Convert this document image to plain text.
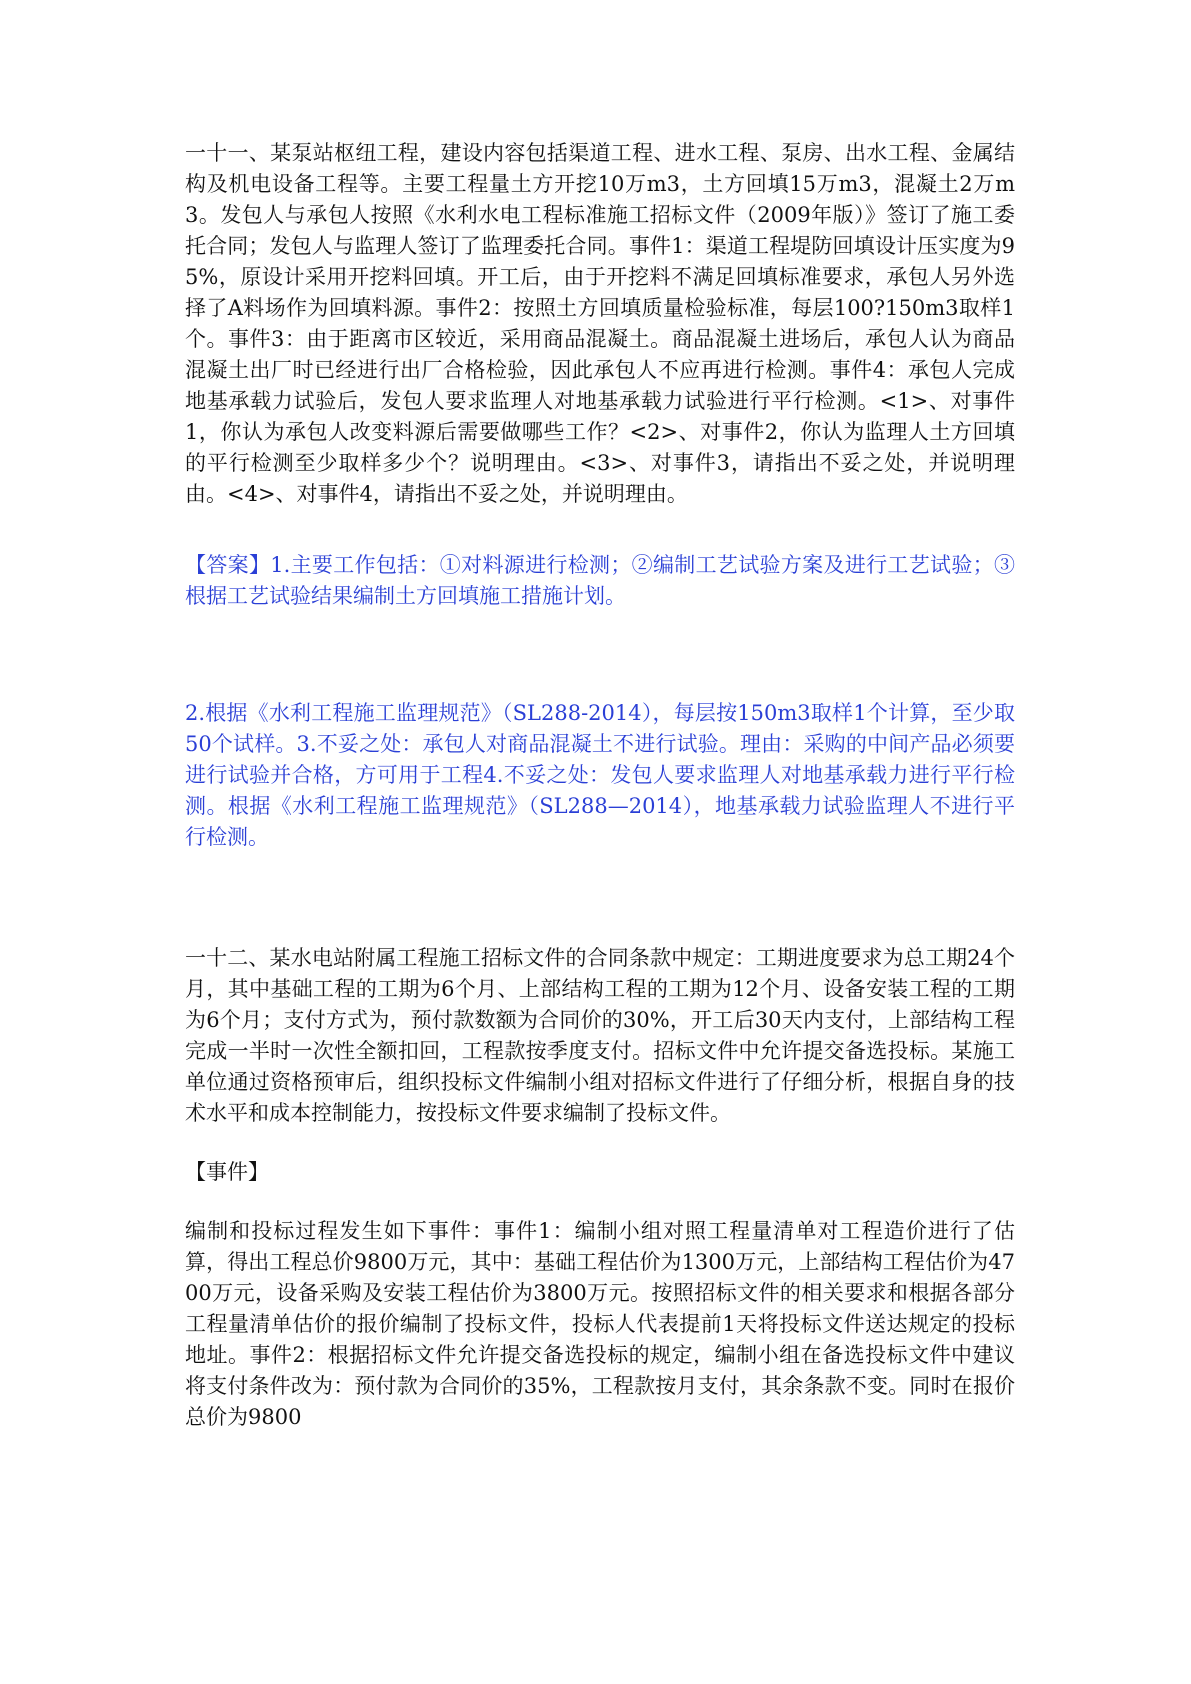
一十一、某泵站枢纽工程，建设内容包括渠道工程、进水工程、泵房、出水工程、金属结构及机电设备工程等。主要工程量土方开挖10万m3，土方回填15万m3，混凝土2万m3。发包人与承包人按照《水利水电工程标准施工招标文件（2009年版）》签订了施工委托合同；发包人与监理人签订了监理委托合同。事件1：渠道工程堤防回填设计压实度为95%，原设计采用开挖料回填。开工后，由于开挖料不满足回填标准要求，承包人另外选择了A料场作为回填料源。事件2：按照土方回填质量检验标准，每层100?150m3取样1个。事件3：由于距离市区较近，采用商品混凝土。商品混凝土进场后，承包人认为商品混凝土出厂时已经进行出厂合格检验，因此承包人不应再进行检测。事件4：承包人完成地基承载力试验后，发包人要求监理人对地基承载力试验进行平行检测。<1>、对事件1，你认为承包人改变料源后需要做哪些工作？<2>、对事件2，你认为监理人土方回填的平行检测至少取样多少个？说明理由。<3>、对事件3，请指出不妥之处，并说明理由。<4>、对事件4，请指出不妥之处，并说明理由。

【答案】1.主要工作包括：①对料源进行检测；②编制工艺试验方案及进行工艺试验；③根据工艺试验结果编制土方回填施工措施计划。

2.根据《水利工程施工监理规范》（SL288-2014），每层按150m3取样1个计算，至少取50个试样。3.不妥之处：承包人对商品混凝土不进行试验。理由：采购的中间产品必须要进行试验并合格，方可用于工程4.不妥之处：发包人要求监理人对地基承载力进行平行检测。根据《水利工程施工监理规范》（SL288—2014），地基承载力试验监理人不进行平行检测。

一十二、某水电站附属工程施工招标文件的合同条款中规定：工期进度要求为总工期24个月，其中基础工程的工期为6个月、上部结构工程的工期为12个月、设备安装工程的工期为6个月；支付方式为，预付款数额为合同价的30%，开工后30天内支付，上部结构工程完成一半时一次性全额扣回，工程款按季度支付。招标文件中允许提交备选投标。某施工单位通过资格预审后，组织投标文件编制小组对招标文件进行了仔细分析，根据自身的技术水平和成本控制能力，按投标文件要求编制了投标文件。

【事件】

编制和投标过程发生如下事件：事件1：编制小组对照工程量清单对工程造价进行了估算，得出工程总价9800万元，其中：基础工程估价为1300万元，上部结构工程估价为4700万元，设备采购及安装工程估价为3800万元。按照招标文件的相关要求和根据各部分工程量清单估价的报价编制了投标文件，投标人代表提前1天将投标文件送达规定的投标地址。事件2：根据招标文件允许提交备选投标的规定，编制小组在备选投标文件中建议将支付条件改为：预付款为合同价的35%，工程款按月支付，其余条款不变。同时在报价总价为9800
